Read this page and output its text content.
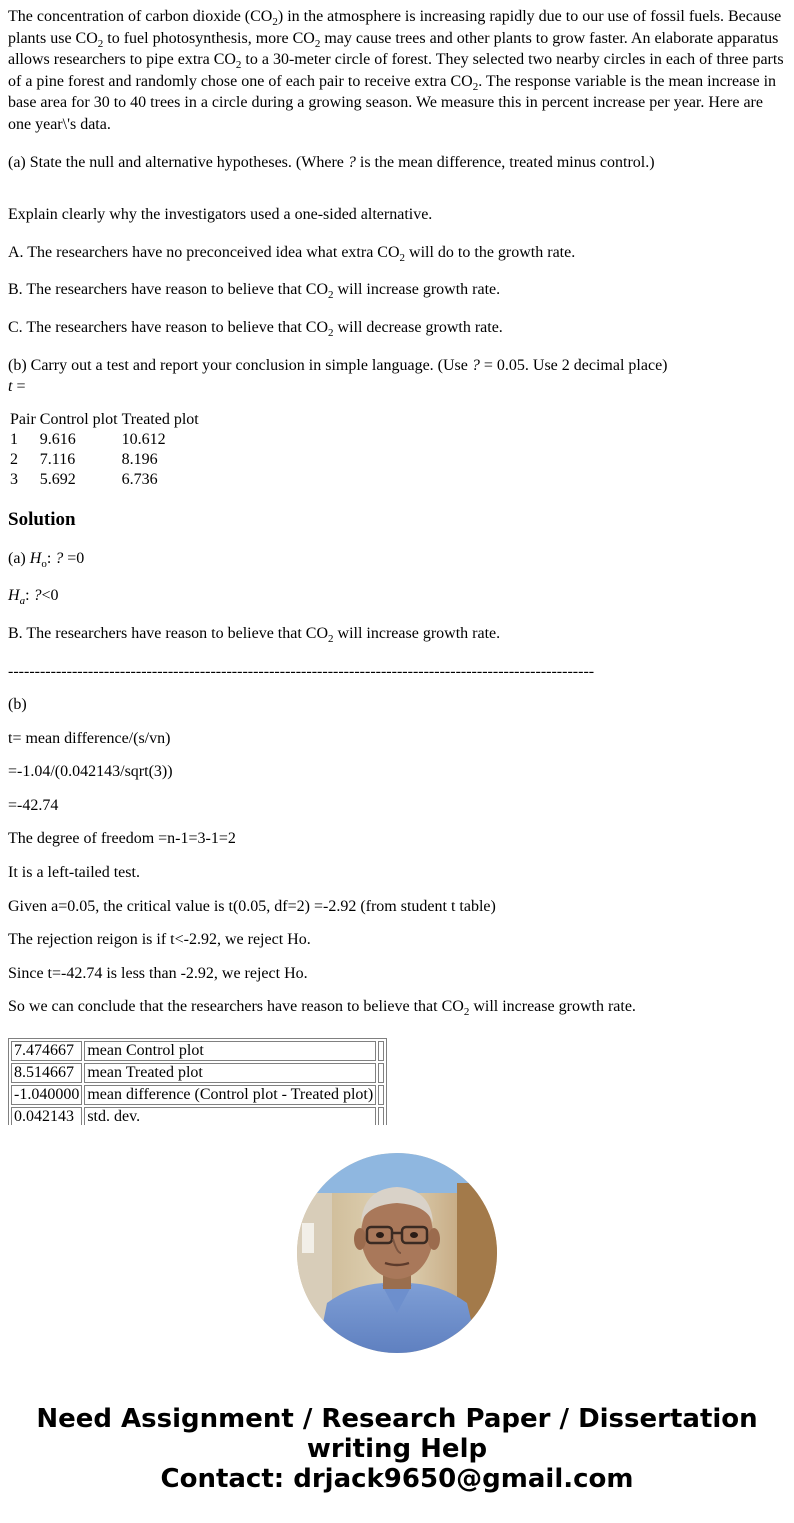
The concentration of carbon dioxide $(CO_2)$ in the atmosphere is increasing rapidly due to our use of fossil fuels. Because plants use $CO_2$ to fuel photosynthesis, more $CO_2$ may cause trees and other plants to grow faster. An elaborate apparatus allows researchers to pipe extra $CO_2$ to a 30-meter circle of forest. They selected two nearby circles in each of three parts of a pine forest and randomly chose one of each pair to receive extra $CO_2$. The response variable is the mean increase in base area for 30 to 40 trees in a circle during a growing season. We measure this in percent increase per year. Here are one year\'s data.

(a) State the null and alternative hypotheses. (Where ? is the mean difference, treated minus control.)

Explain clearly why the investigators used a one-sided alternative.

A. The researchers have no preconceived idea what extra $CO_2$ will do to the growth rate.

B. The researchers have reason to believe that $CO_2$ will increase growth rate.

C. The researchers have reason to believe that $CO_2$ will decrease growth rate.

(b) Carry out a test and report your conclusion in simple language. (Use ? = 0.05. Use 2 decimal place)

t =

Pair	Control plot	Treated plot
1	9.616	10.612
2	7.116	8.196
3	5.692	6.736
Solution

(a) $H_o$: ? =0

$H_a$: ?<0

B. The researchers have reason to believe that $CO_2$ will increase growth rate.

--------------------------------------------------------------------------------------------------------------

(b)

t= mean difference/(s/vn)

=-1.04/(0.042143/sqrt(3))

=-42.74

The degree of freedom =n-1=3-1=2

It is a left-tailed test.

Given a=0.05, the critical value is t(0.05, df=2) =-2.92 (from student t table)

The rejection reigon is if t<-2.92, we reject Ho.

Since t=-42.74 is less than -2.92, we reject Ho.

So we can conclude that the researchers have reason to believe that $CO_2$ will increase growth rate.

7.474667	mean Control plot	
8.514667	mean Treated plot	
-1.040000	mean difference (Control plot - Treated plot)	
0.042143	std. dev.	
Need Assignment / Research Paper / Dissertation
writing Help
Contact: drjack9650@gmail.com
